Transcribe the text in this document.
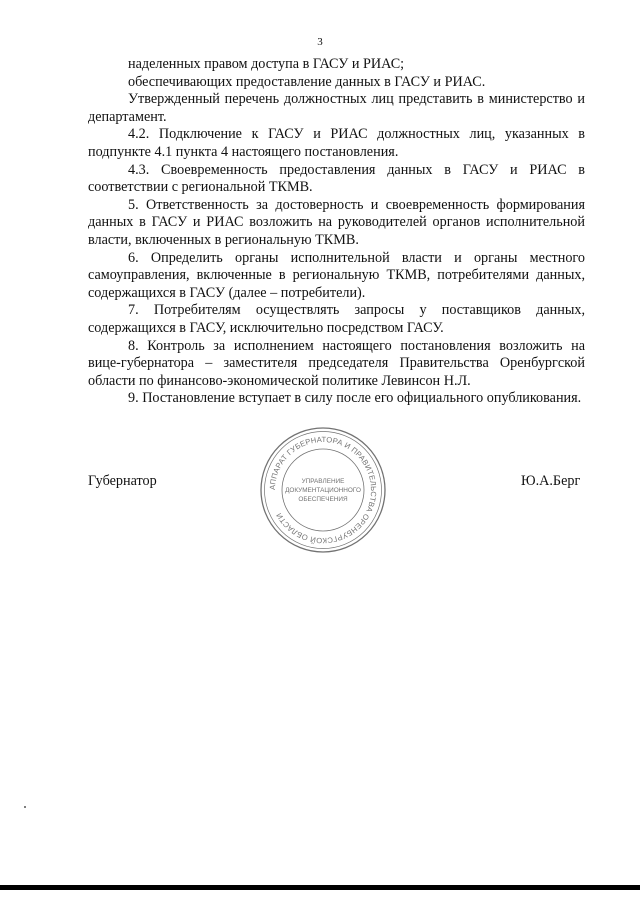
3

наделенных правом доступа в ГАСУ и РИАС;

обеспечивающих предоставление данных в ГАСУ и РИАС.

Утвержденный перечень должностных лиц представить в министерство и департамент.

4.2. Подключение к ГАСУ и РИАС должностных лиц, указанных в подпункте 4.1 пункта 4 настоящего постановления.

4.3. Своевременность предоставления данных в ГАСУ и РИАС в соответствии с региональной ТКМВ.

5. Ответственность за достоверность и своевременность формирования данных в ГАСУ и РИАС возложить на руководителей органов исполнительной власти, включенных в региональную ТКМВ.

6. Определить органы исполнительной власти и органы местного самоуправления, включенные в региональную ТКМВ, потребителями данных, содержащихся в ГАСУ (далее – потребители).

7. Потребителям осуществлять запросы у поставщиков данных, содержащихся в ГАСУ, исключительно посредством ГАСУ.

8. Контроль за исполнением настоящего постановления возложить на вице-губернатора – заместителя председателя Правительства Оренбургской области по финансово-экономической политике Левинсон Н.Л.

9. Постановление вступает в силу после его официального опубликования.

Губернатор	Ю.А.Берг
АППАРАТ ГУБЕРНАТОРА И ПРАВИТЕЛЬСТВА ОРЕНБУРГСКОЙ ОБЛАСТИ
УПРАВЛЕНИЕ
ДОКУМЕНТАЦИОННОГО
ОБЕСПЕЧЕНИЯ
